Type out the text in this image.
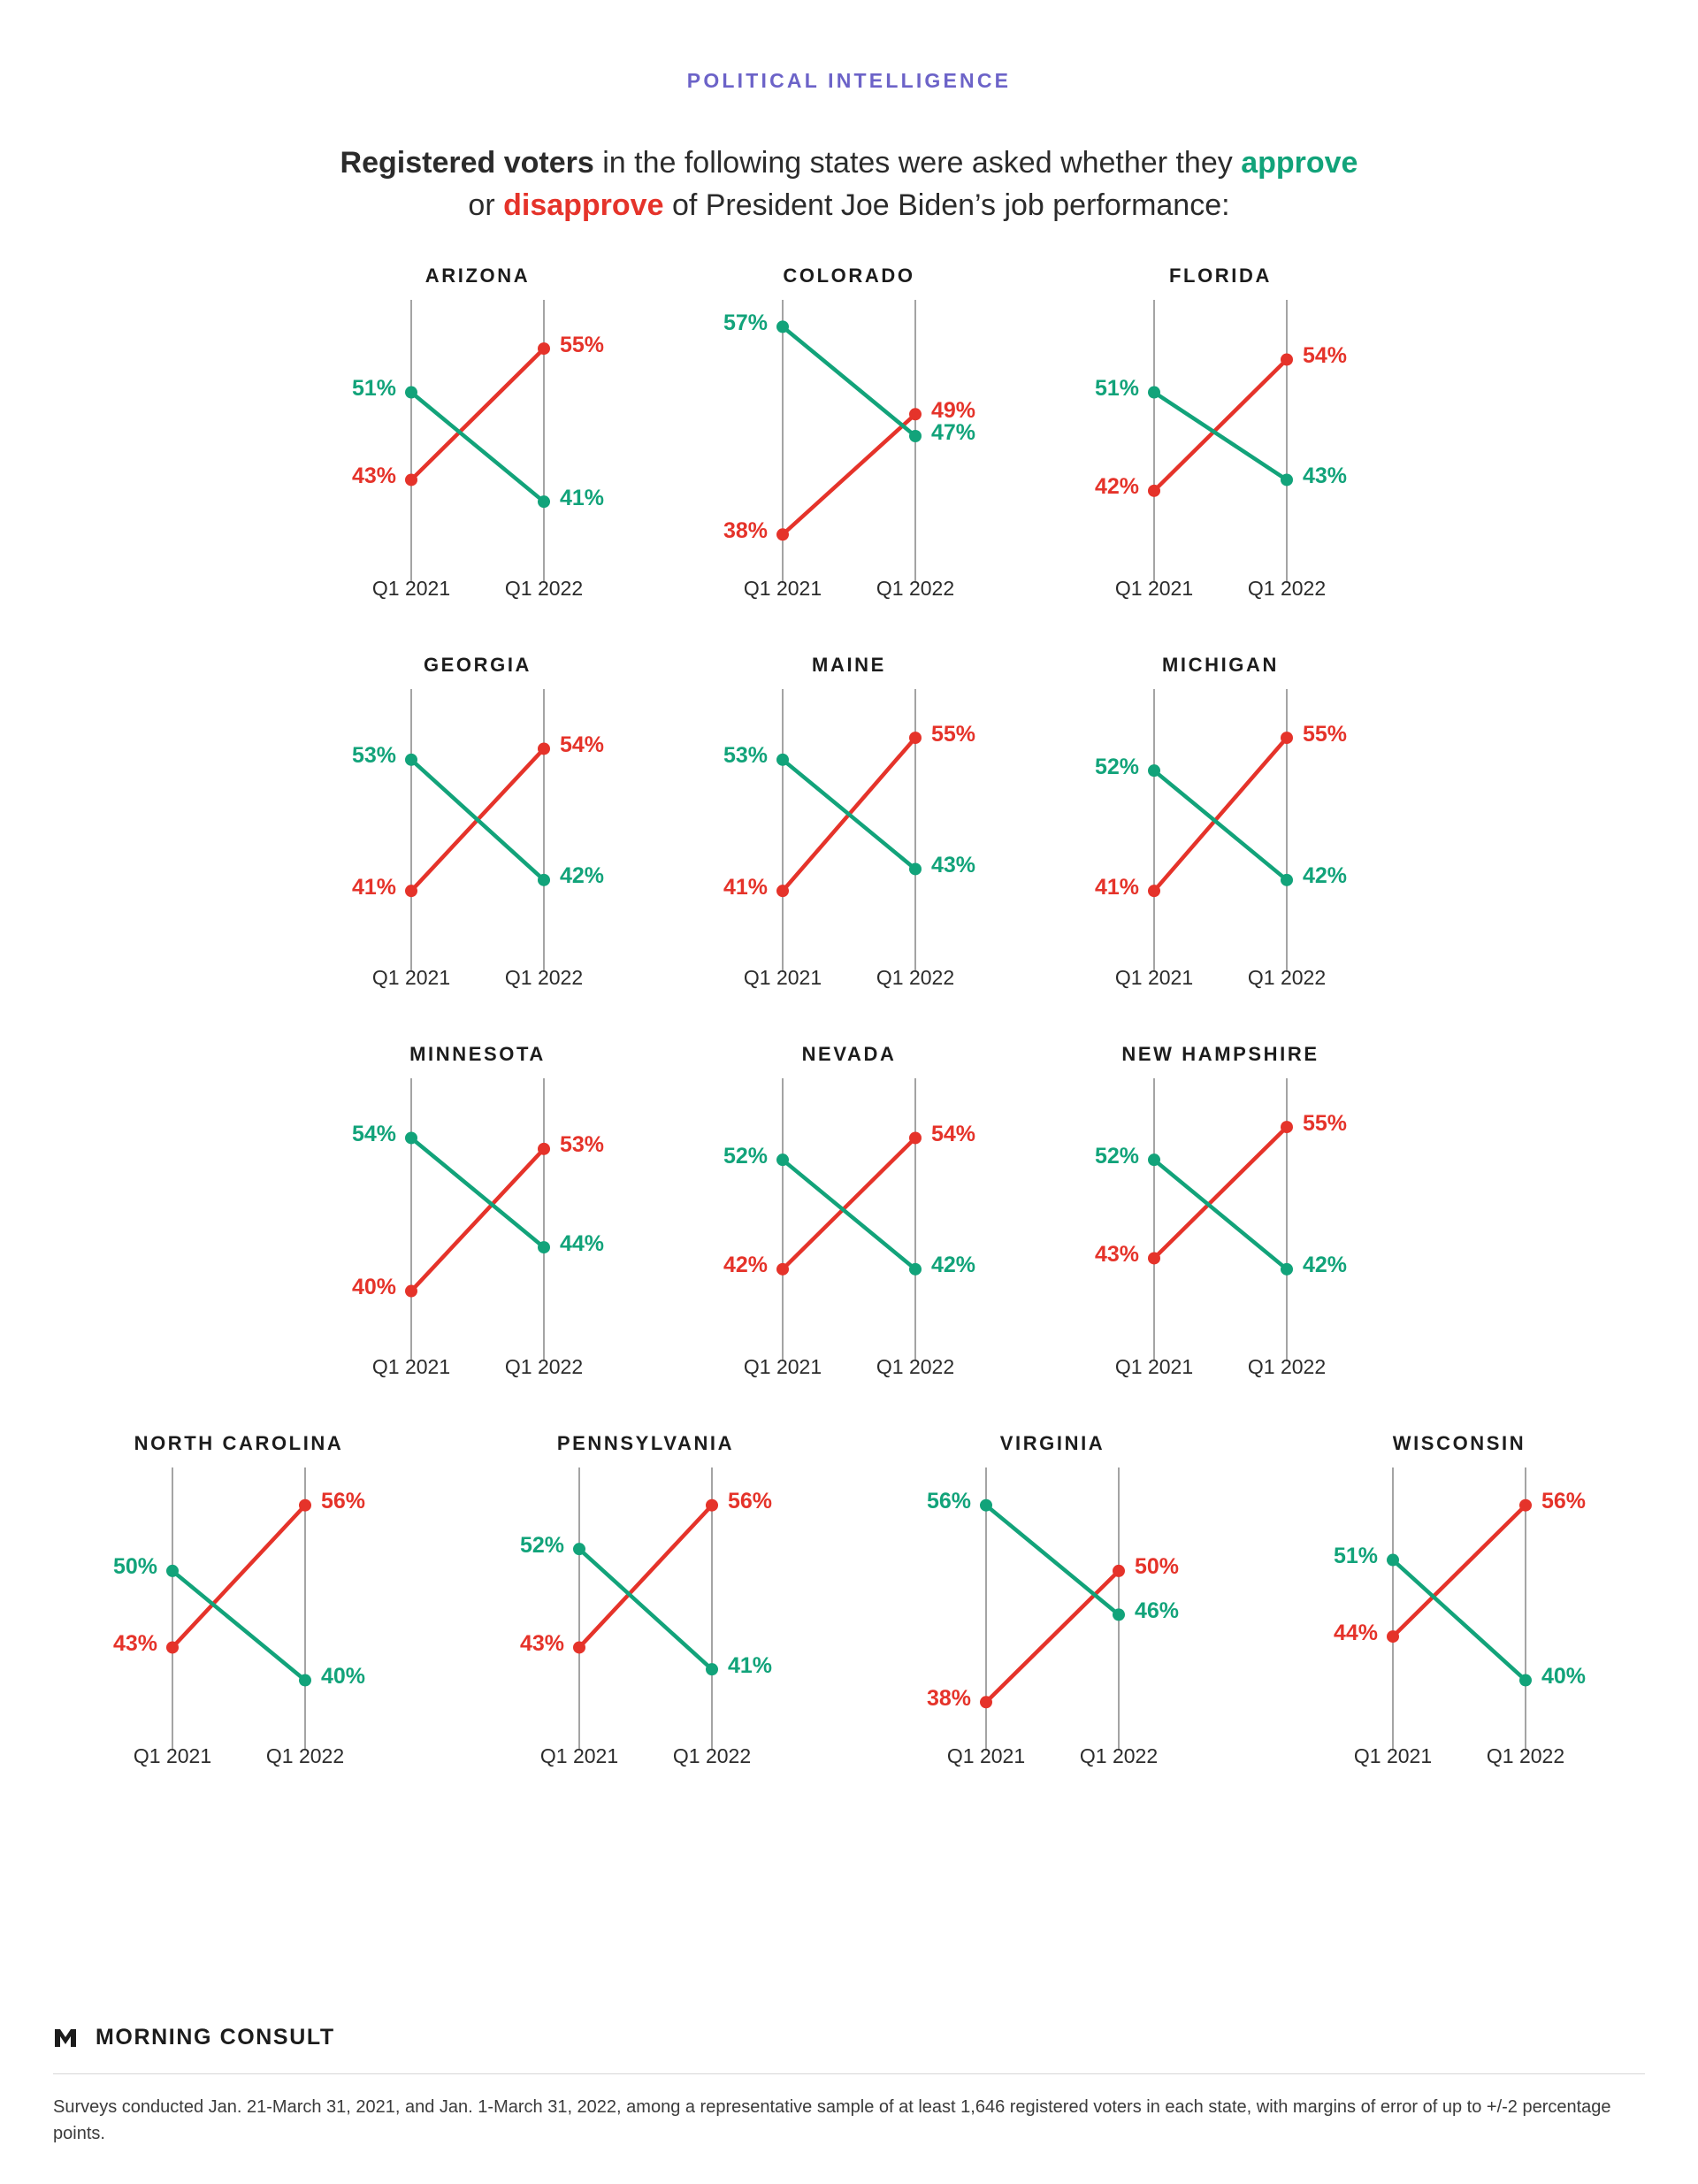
POLITICAL INTELLIGENCE
Registered voters in the following states were asked whether they approve
or disapprove of President Joe Biden’s job performance:
ARIZONA
51%
43%
41%
55%
Q1 2021	Q1 2022
COLORADO
57%
38%
47%
49%
Q1 2021	Q1 2022
FLORIDA
51%
42%	43%
54%
Q1 2021	Q1 2022
GEORGIA
53%
41%	42%
54%
Q1 2021	Q1 2022
MAINE
53%
41%
43%
55%
Q1 2021	Q1 2022
MICHIGAN
52%
41%	42%
55%
Q1 2021	Q1 2022
MINNESOTA
54%
40%
44%
53%
Q1 2021	Q1 2022
NEVADA
52%
42%	42%
54%
Q1 2021	Q1 2022
NEW HAMPSHIRE
52%
43%	42%
55%
Q1 2021	Q1 2022
NORTH CAROLINA
50%
43%
40%
56%
Q1 2021	Q1 2022
PENNSYLVANIA
52%
43%
41%
56%
Q1 2021	Q1 2022
VIRGINIA
56%
38%
46%
50%
Q1 2021	Q1 2022
WISCONSIN
51%
44%
40%
56%
Q1 2021	Q1 2022
MORNING CONSULT
Surveys conducted Jan. 21-March 31, 2021, and Jan. 1-March 31, 2022, among a representative sample of at least 1,646 registered voters in each state, with margins of error of up to +/-2 percentage points.
